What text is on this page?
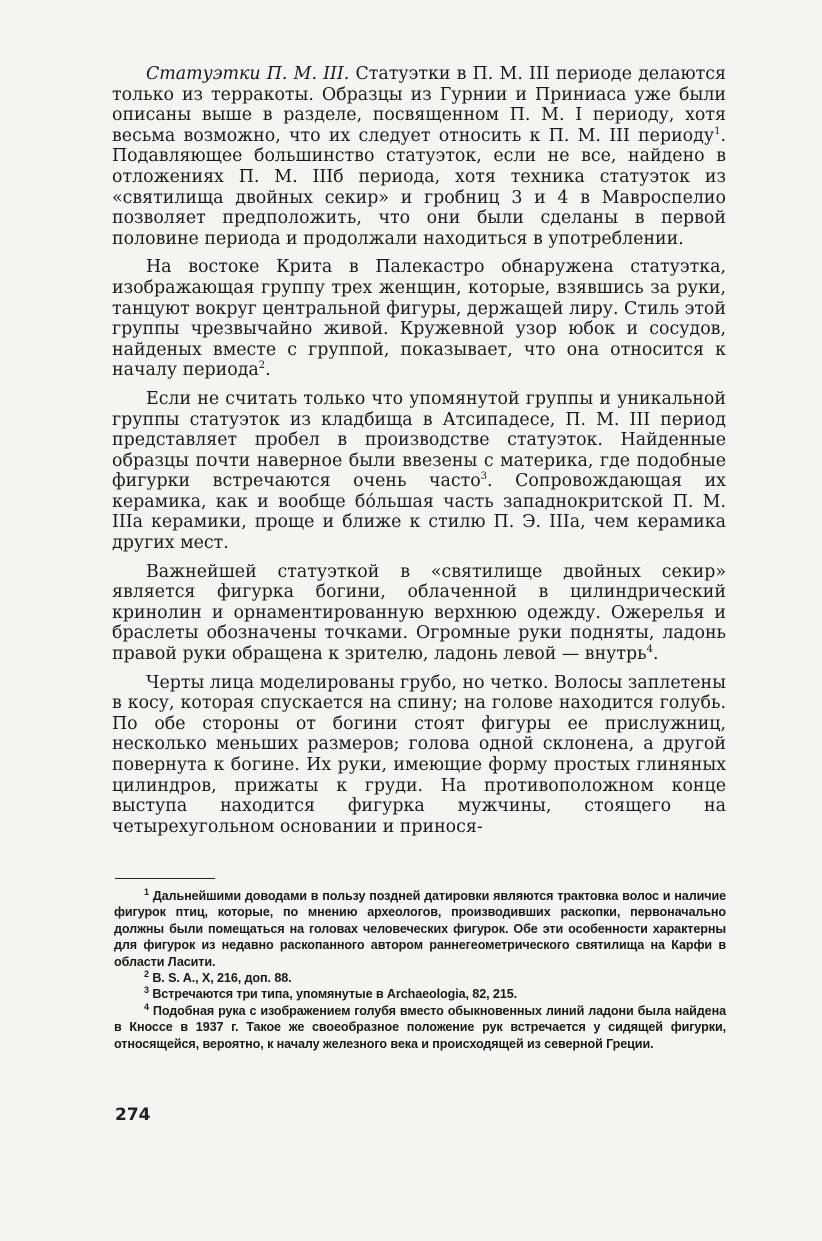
Статуэтки П. М. III. Статуэтки в П. М. III периоде делаются только из терракоты. Образцы из Гурнии и Приниаса уже были описаны выше в разделе, посвященном П. М. I периоду, хотя весьма возможно, что их следует относить к П. М. III периоду$^1$. Подавляющее большинство статуэток, если не все, найдено в отложениях П. М. IIIб периода, хотя техника статуэток из «святилища двойных секир» и гробниц 3 и 4 в Мавроспелио позволяет предположить, что они были сделаны в первой половине периода и продолжали находиться в употреблении.

На востоке Крита в Палекастро обнаружена статуэтка, изображающая группу трех женщин, которые, взявшись за руки, танцуют вокруг центральной фигуры, держащей лиру. Стиль этой группы чрезвычайно живой. Кружевной узор юбок и сосудов, найденых вместе с группой, показывает, что она относится к началу периода$^2$.

Если не считать только что упомянутой группы и уникальной группы статуэток из кладбища в Атсипадесе, П. М. III период представляет пробел в производстве статуэток. Найденные образцы почти наверное были ввезены с материка, где подобные фигурки встречаются очень часто$^3$. Сопровождающая их керамика, как и вообще бо́льшая часть западнокритской П. М. IIIа керамики, проще и ближе к стилю П. Э. IIIа, чем керамика других мест.

Важнейшей статуэткой в «святилище двойных секир» является фигурка богини, облаченной в цилиндрический кринолин и орнаментированную верхнюю одежду. Ожерелья и браслеты обозначены точками. Огромные руки подняты, ладонь правой руки обращена к зрителю, ладонь левой — внутрь$^4$.

Черты лица моделированы грубо, но четко. Волосы заплетены в косу, которая спускается на спину; на голове находится голубь. По обе стороны от богини стоят фигуры ее прислужниц, несколько меньших размеров; голова одной склонена, а другой повернута к богине. Их руки, имеющие форму простых глиняных цилиндров, прижаты к груди. На противоположном конце выступа находится фигурка мужчины, стоящего на четырехугольном основании и принося-

$^1$ Дальнейшими доводами в пользу поздней датировки являются трактовка волос и наличие фигурок птиц, которые, по мнению археологов, производивших раскопки, первоначально должны были помещаться на головах человеческих фигурок. Обе эти особенности характерны для фигурок из недавно раскопанного автором раннегеометрического святилища на Карфи в области Ласити.

$^2$ B. S. A., X, 216, доп. 88.

$^3$ Встречаются три типа, упомянутые в Archaeologia, 82, 215.

$^4$ Подобная рука с изображением голубя вместо обыкновенных линий ладони была найдена в Кноссе в 1937 г. Такое же своеобразное положение рук встречается у сидящей фигурки, относящейся, вероятно, к началу железного века и происходящей из северной Греции.

274
